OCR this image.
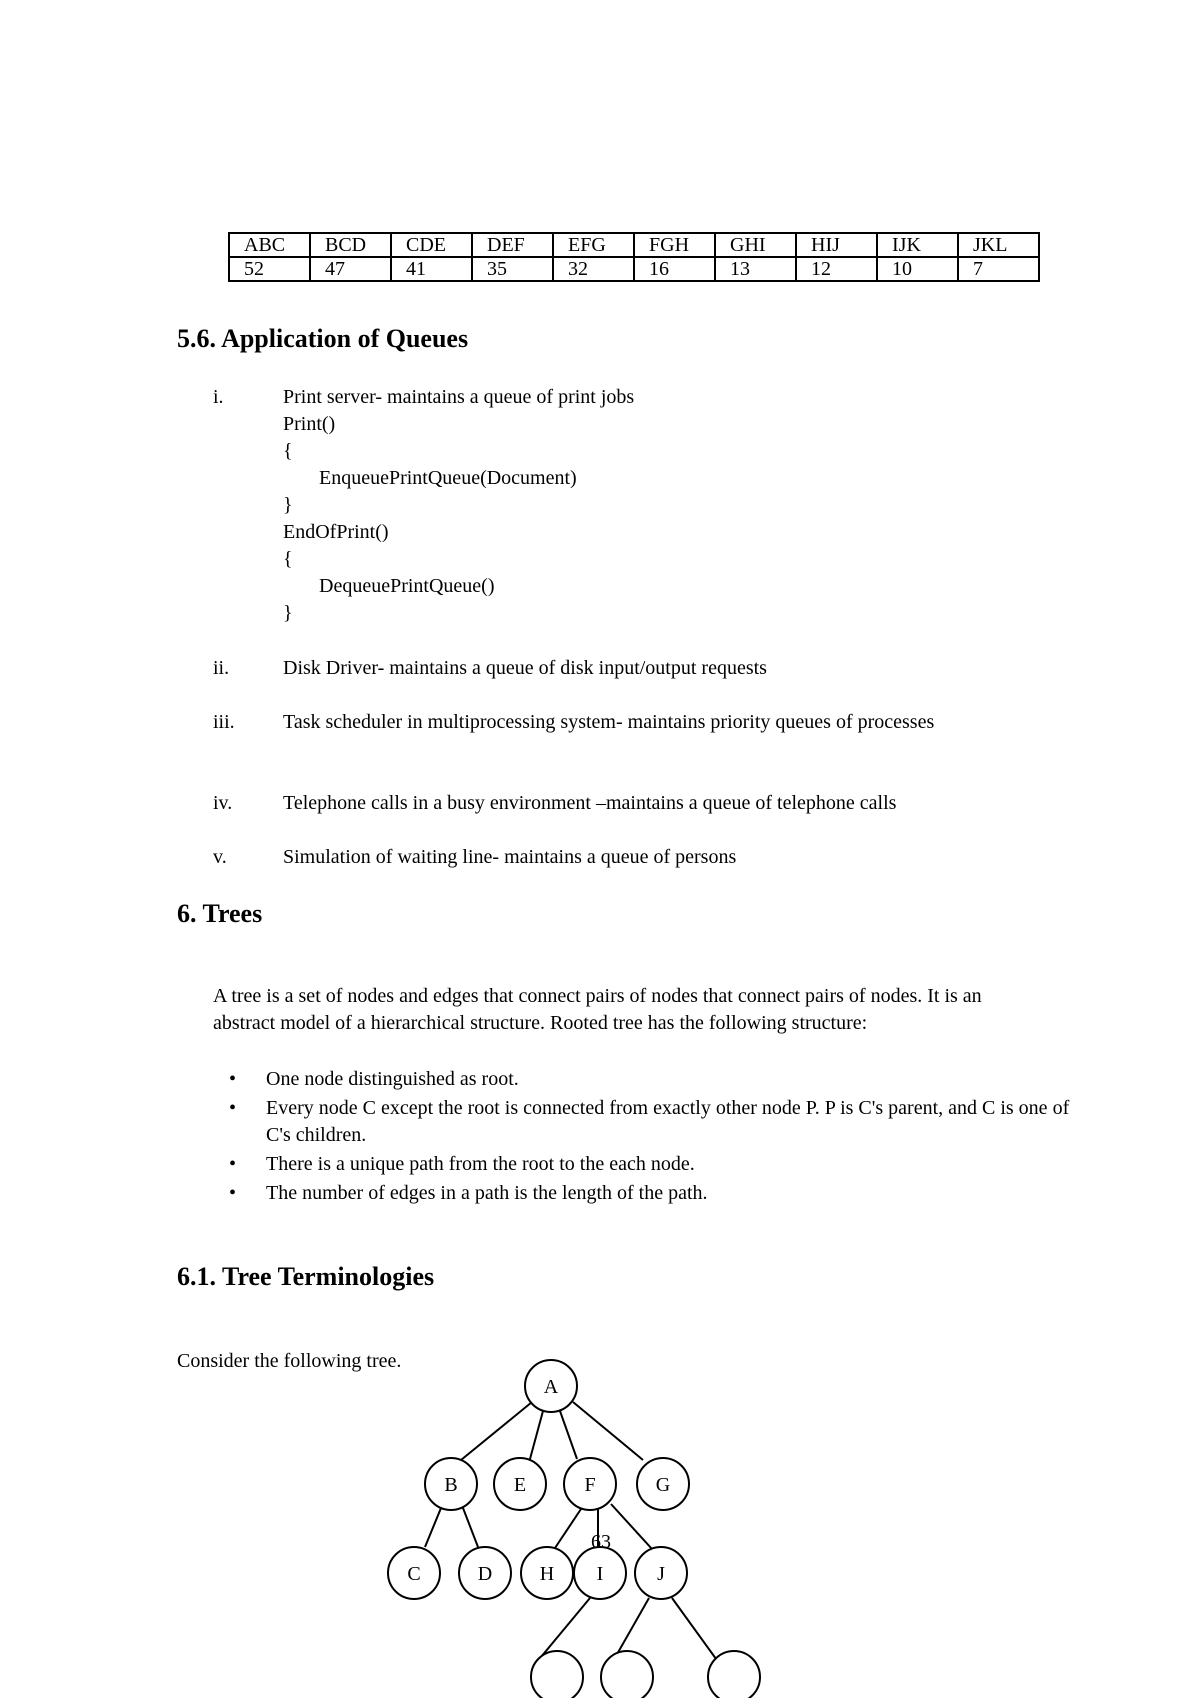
ABC	BCD	CDE	DEF	EFG	FGH	GHI	HIJ	IJK	JKL
52	47	41	35	32	16	13	12	10	7
5.6. Application of Queues
i.	Print server- maintains a queue of print jobs
Print()
{
EnqueuePrintQueue(Document)
}
EndOfPrint()
{
DequeuePrintQueue()
}
ii.	Disk Driver- maintains a queue of disk input/output requests
iii. Task scheduler in multiprocessing system- maintains priority queues of processes
iv.	Telephone calls in a busy environment –maintains a queue of telephone calls
v.	Simulation of waiting line- maintains a queue of persons
6. Trees
A tree is a set of nodes and edges that connect pairs of nodes that connect pairs of nodes. It is an abstract model of a hierarchical structure. Rooted tree has the following structure:
• One node distinguished as root.
• Every node C except the root is connected from exactly other node P. P is C's parent, and C is one of C's children.
• There is a unique path from the root to the each node.
• The number of edges in a path is the length of the path.
6.1. Tree Terminologies
Consider the following tree.
A
B	E	F	G
C	D H I	J
63
